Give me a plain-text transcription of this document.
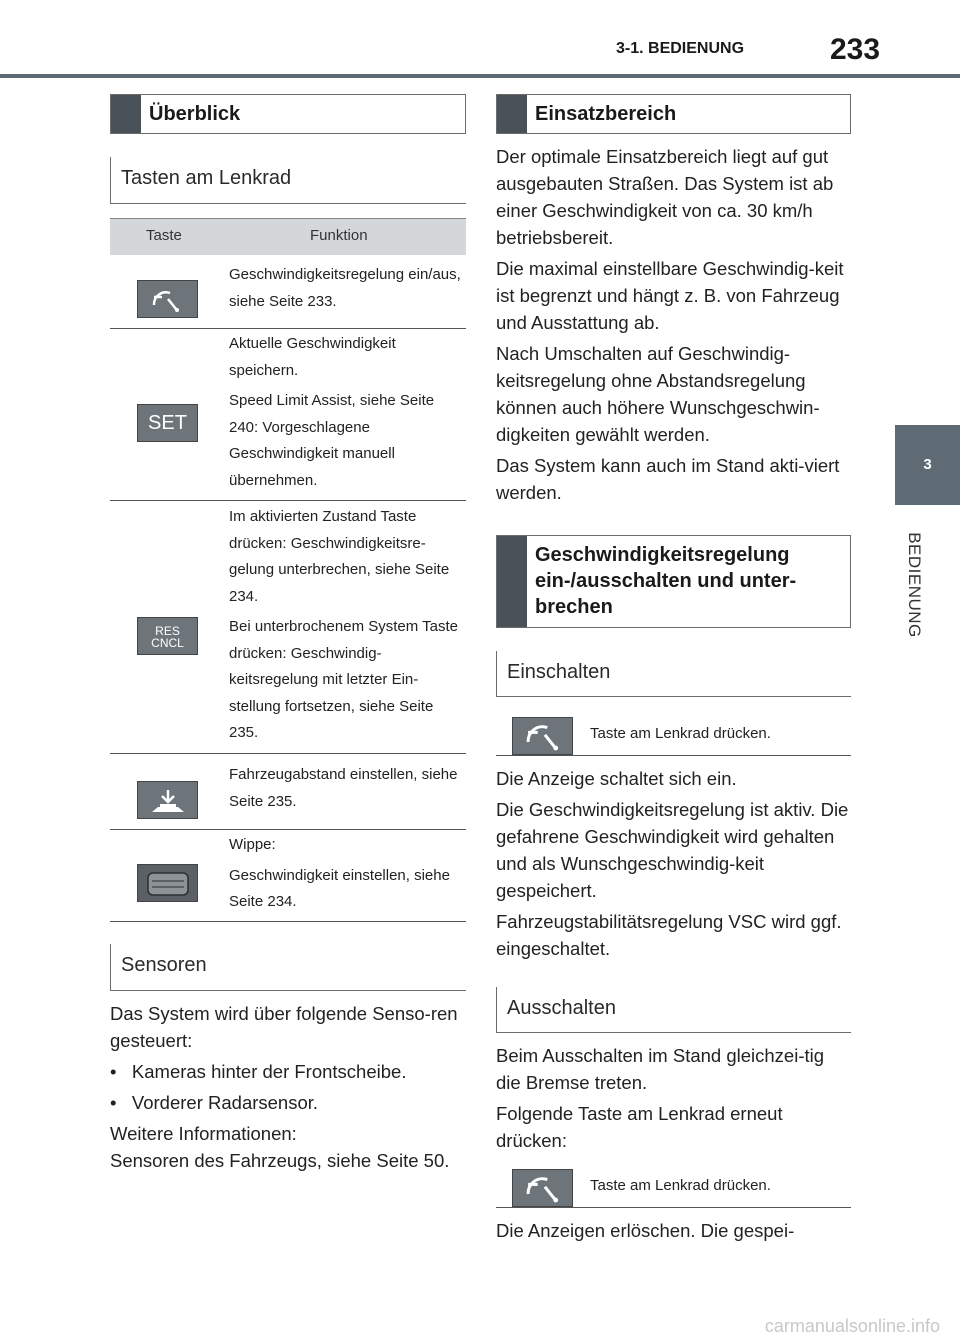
3-1. BEDIENUNG	233
3
BEDIENUNG
Überblick
Tasten am Lenkrad
Taste	Funktion

Geschwindigkeitsregelung ein/aus, siehe Seite 233.

SET

Aktuelle Geschwindigkeit speichern.

Speed Limit Assist, siehe Seite 240: Vorgeschlagene Geschwindigkeit manuell übernehmen.

RES CNCL

Im aktivierten Zustand Taste drücken: Geschwindigkeitsre-gelung unterbrechen, siehe Seite 234.

Bei unterbrochenem System Taste drücken: Geschwindig-keitsregelung mit letzter Ein-stellung fortsetzen, siehe Seite 235.

Fahrzeugabstand einstellen, siehe Seite 235.

Wippe:

Geschwindigkeit einstellen, siehe Seite 234.

Sensoren

Das System wird über folgende Senso-ren gesteuert:

•   Kameras hinter der Frontscheibe.

•   Vorderer Radarsensor.

Weitere Informationen:

Sensoren des Fahrzeugs, siehe Seite 50.

Einsatzbereich

Der optimale Einsatzbereich liegt auf gut ausgebauten Straßen. Das System ist ab einer Geschwindigkeit von ca. 30 km/h betriebsbereit.

Die maximal einstellbare Geschwindig-keit ist begrenzt und hängt z. B. von Fahrzeug und Ausstattung ab.

Nach Umschalten auf Geschwindig-keitsregelung ohne Abstandsregelung können auch höhere Wunschgeschwin-digkeiten gewählt werden.

Das System kann auch im Stand akti-viert werden.

Geschwindigkeitsregelung ein-/ausschalten und unter-brechen
Einschalten
Taste am Lenkrad drücken.

Die Anzeige schaltet sich ein.

Die Geschwindigkeitsregelung ist aktiv. Die gefahrene Geschwindigkeit wird gehalten und als Wunschgeschwindig-keit gespeichert.

Fahrzeugstabilitätsregelung VSC wird ggf. eingeschaltet.

Ausschalten

Beim Ausschalten im Stand gleichzei-tig die Bremse treten.

Folgende Taste am Lenkrad erneut drücken:

Taste am Lenkrad drücken.
Die Anzeigen erlöschen. Die gespei-
carmanualsonline.info
